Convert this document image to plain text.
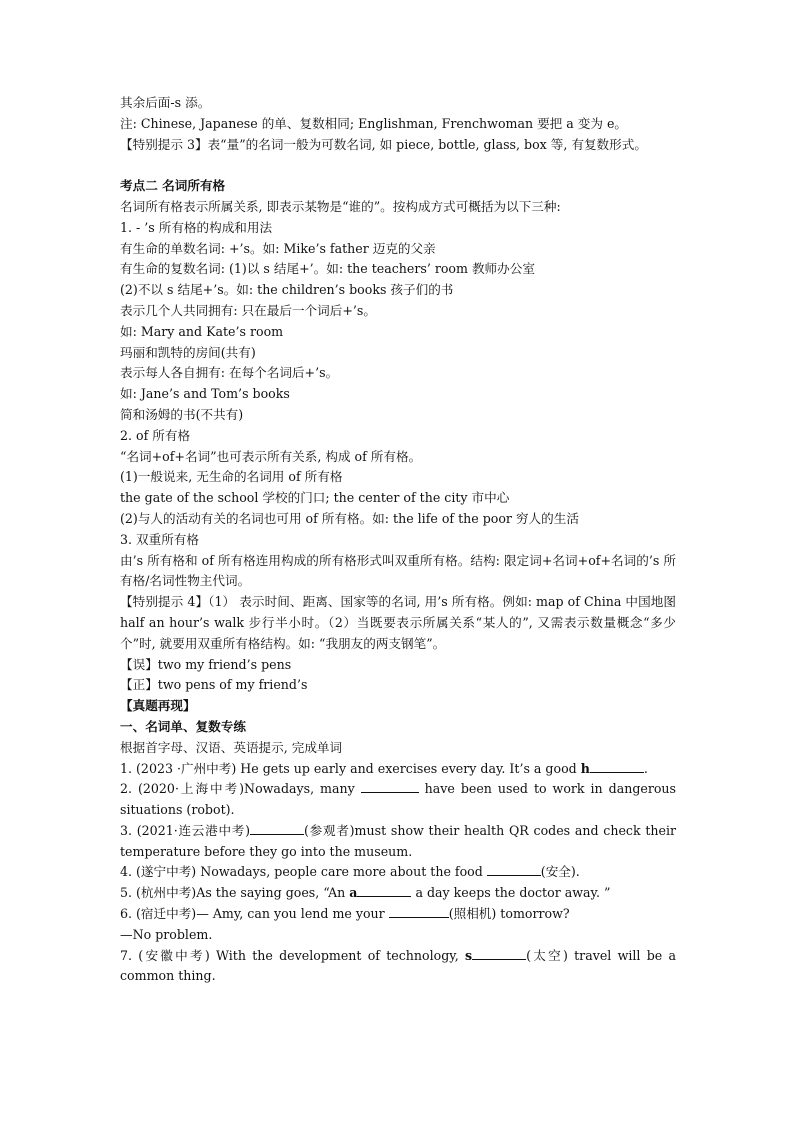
其余后面-s 添。
注: Chinese, Japanese 的单、复数相同; Englishman, Frenchwoman 要把 a 变为 e。
【特别提示 3】表“量”的名词一般为可数名词, 如 piece, bottle, glass, box 等, 有复数形式。
考点二 名词所有格
名词所有格表示所属关系, 即表示某物是“谁的”。按构成方式可概括为以下三种:
1. - ’s 所有格的构成和用法
有生命的单数名词: +’s。如: Mike’s father 迈克的父亲
有生命的复数名词: (1)以 s 结尾+’。如: the teachers’ room 教师办公室
(2)不以 s 结尾+’s。如: the children’s books 孩子们的书
表示几个人共同拥有: 只在最后一个词后+’s。
如: Mary and Kate’s room
玛丽和凯特的房间(共有)
表示每人各自拥有: 在每个名词后+’s。
如: Jane’s and Tom’s books
简和汤姆的书(不共有)
2. of 所有格
“名词+of+名词”也可表示所有关系, 构成 of 所有格。
(1)一般说来, 无生命的名词用 of 所有格
the gate of the school 学校的门口; the center of the city 市中心
(2)与人的活动有关的名词也可用 of 所有格。如: the life of the poor 穷人的生活
3. 双重所有格
由’s 所有格和 of 所有格连用构成的所有格形式叫双重所有格。结构: 限定词+名词+of+名词的’s 所有格/名词性物主代词。
【特别提示 4】（1） 表示时间、距离、国家等的名词, 用’s 所有格。例如: map of China 中国地图 half an hour’s walk 步行半小时。（2）当既要表示所属关系“某人的”, 又需表示数量概念“多少个”时, 就要用双重所有格结构。如: “我朋友的两支钢笔”。
【误】two my friend’s pens
【正】two pens of my friend’s
【真题再现】
一、名词单、复数专练
根据首字母、汉语、英语提示, 完成单词
1. (2023 ·广州中考) He gets up early and exercises every day. It’s a good h	.
2. (2020·上海中考)Nowadays, many	have been used to work in dangerous situations (robot).
3. (2021·连云港中考)	(参观者)must show their health QR codes and check their temperature before they go into the museum.
4. (遂宁中考) Nowadays, people care more about the food	(安全).
5. (杭州中考)As the saying goes, “An a	a day keeps the doctor away. ”
6. (宿迁中考)— Amy, can you lend me your	(照相机) tomorrow?
—No problem.
7. (安徽中考) With the development of technology, s	(太空) travel will be a common thing.
